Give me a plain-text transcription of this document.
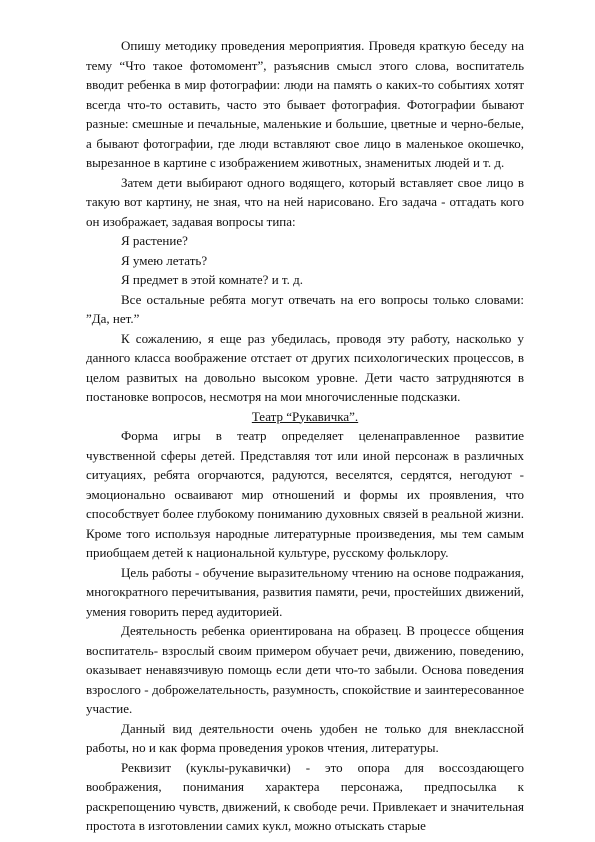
Опишу методику проведения мероприятия. Проведя краткую беседу на тему “Что такое фотомомент”, разъяснив смысл этого слова, воспитатель вводит ребенка в мир фотографии: люди на память о каких-то событиях хотят всегда что-то оставить, часто это бывает фотография. Фотографии бывают разные: смешные и печальные, маленькие и большие, цветные и черно-белые, а бывают фотографии, где люди вставляют свое лицо в маленькое окошечко, вырезанное в картине с изображением животных, знаменитых людей и т. д.

Затем дети выбирают одного водящего, который вставляет свое лицо в такую вот картину, не зная, что на ней нарисовано. Его задача - отгадать кого он изображает, задавая вопросы типа:

Я растение?

Я умею летать?

Я предмет в этой комнате? и т. д.

Все остальные ребята могут отвечать на его вопросы только словами: ”Да, нет.”

К сожалению, я еще раз убедилась, проводя эту работу, насколько у данного класса воображение отстает от других психологических процессов, в целом развитых на довольно высоком уровне. Дети часто затрудняются в постановке вопросов, несмотря на мои многочисленные подсказки.

Театр “Рукавичка”.

Форма игры в театр определяет целенаправленное развитие чувственной сферы детей. Представляя тот или иной персонаж в различных ситуациях, ребята огорчаются, радуются, веселятся, сердятся, негодуют - эмоционально осваивают мир отношений и формы их проявления, что способствует более глубокому пониманию духовных связей в реальной жизни. Кроме того используя народные литературные произведения, мы тем самым приобщаем детей к национальной культуре, русскому фольклору.

Цель работы - обучение выразительному чтению на основе подражания, многократного перечитывания, развития памяти, речи, простейших движений, умения говорить перед аудиторией.

Деятельность ребенка ориентирована на образец. В процессе общения воспитатель- взрослый своим примером обучает речи, движению, поведению, оказывает ненавязчивую помощь если дети что-то забыли. Основа поведения взрослого - доброжелательность, разумность, спокойствие и заинтересованное участие.

Данный вид деятельности очень удобен не только для внеклассной работы, но и как форма проведения уроков чтения, литературы.

Реквизит (куклы-рукавички) - это опора для воссоздающего воображения, понимания характера персонажа, предпосылка к раскрепощению чувств, движений, к свободе речи. Привлекает и значительная простота в изготовлении самих кукл, можно отыскать старые
